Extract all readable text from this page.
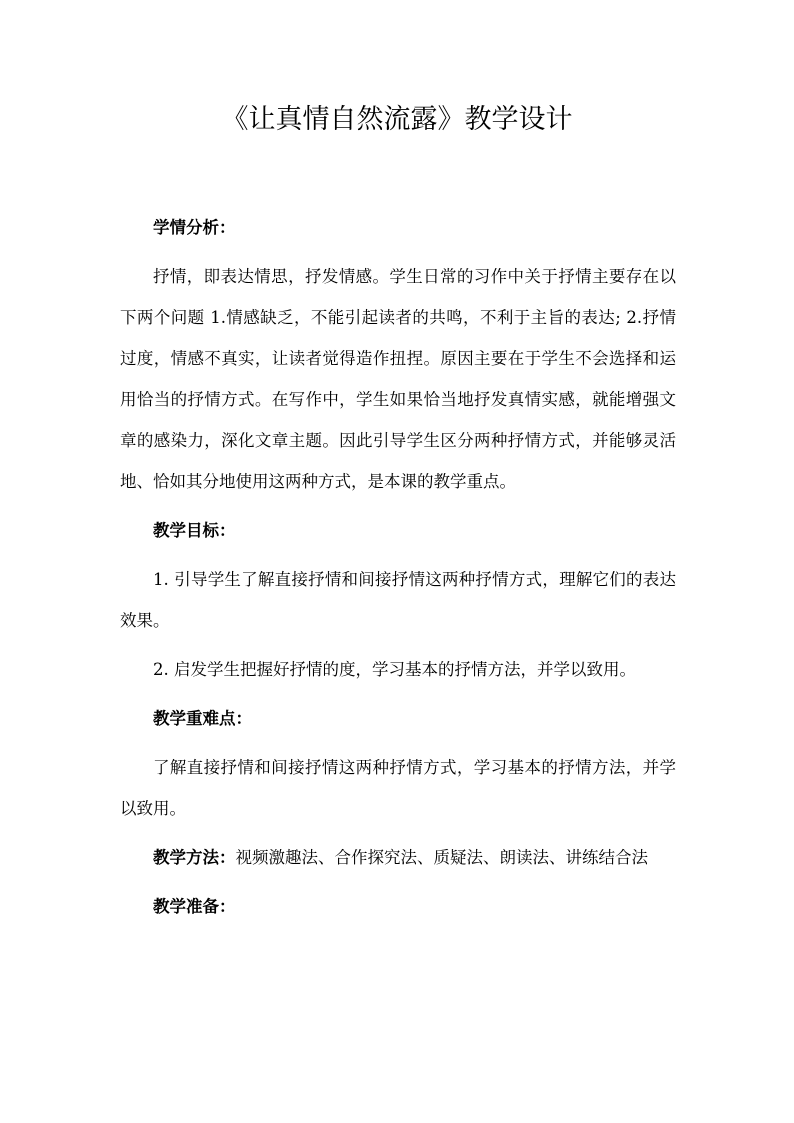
《让真情自然流露》教学设计

学情分析：

抒情，即表达情思，抒发情感。学生日常的习作中关于抒情主要存在以下两个问题 1.情感缺乏，不能引起读者的共鸣，不利于主旨的表达; 2.抒情过度，情感不真实，让读者觉得造作扭捏。原因主要在于学生不会选择和运用恰当的抒情方式。在写作中，学生如果恰当地抒发真情实感，就能增强文章的感染力，深化文章主题。因此引导学生区分两种抒情方式，并能够灵活地、恰如其分地使用这两种方式，是本课的教学重点。

教学目标：

1. 引导学生了解直接抒情和间接抒情这两种抒情方式，理解它们的表达效果。

2. 启发学生把握好抒情的度，学习基本的抒情方法，并学以致用。

教学重难点：

了解直接抒情和间接抒情这两种抒情方式，学习基本的抒情方法，并学以致用。

教学方法：视频激趣法、合作探究法、质疑法、朗读法、讲练结合法

教学准备：
